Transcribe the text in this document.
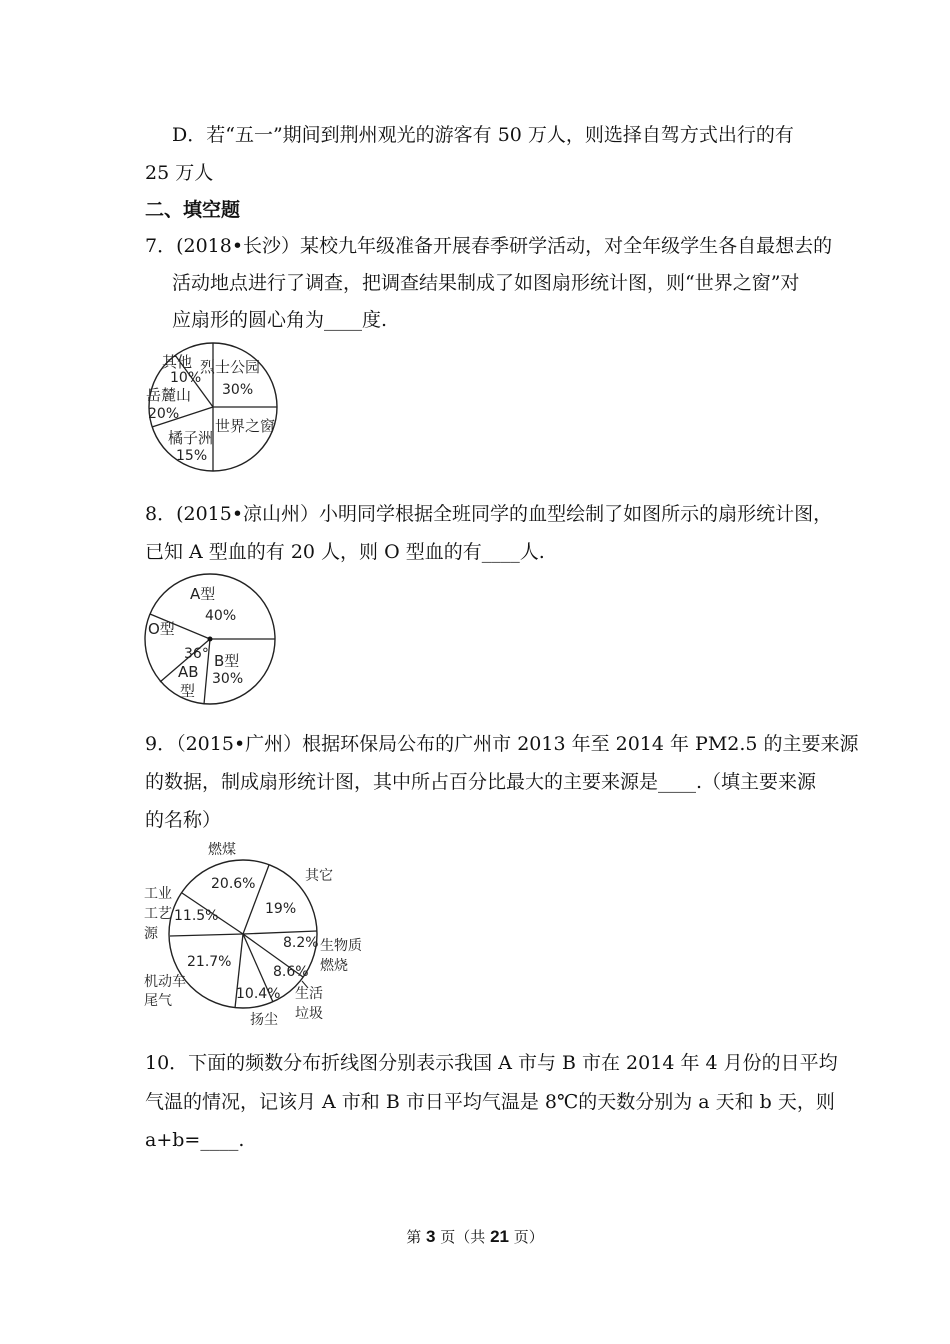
D．若“五一”期间到荆州观光的游客有 50 万人，则选择自驾方式出行的有
25 万人
二、填空题
7．(2018•长沙）某校九年级准备开展春季研学活动，对全年级学生各自最想去的
活动地点进行了调查，把调查结果制成了如图扇形统计图，则“世界之窗”对
应扇形的圆心角为____度.
其他
10%
烈士公园
30%
世界之窗
橘子洲
15%
岳麓山
20%
8．(2015•凉山州）小明同学根据全班同学的血型绘制了如图所示的扇形统计图，
已知 A 型血的有 20 人，则 O 型血的有____人.
A型
40%
B型
30%
36°
AB
型
O型
9．（2015•广州）根据环保局公布的广州市 2013 年至 2014 年 PM2.5 的主要来源
的数据，制成扇形统计图，其中所占百分比最大的主要来源是____.（填主要来源
的名称）
燃煤
20.6%	其它
19%
生物质
燃烧
8.2%
生活
垃圾
8.6%
扬尘
10.4%
机动车
尾气
21.7%
工业
工艺
源
11.5%
10．下面的频数分布折线图分别表示我国 A 市与 B 市在 2014 年 4 月份的日平均
气温的情况，记该月 A 市和 B 市日平均气温是 8℃的天数分别为 a 天和 b 天，则
a+b=____.
第 3 页（共 21 页）
